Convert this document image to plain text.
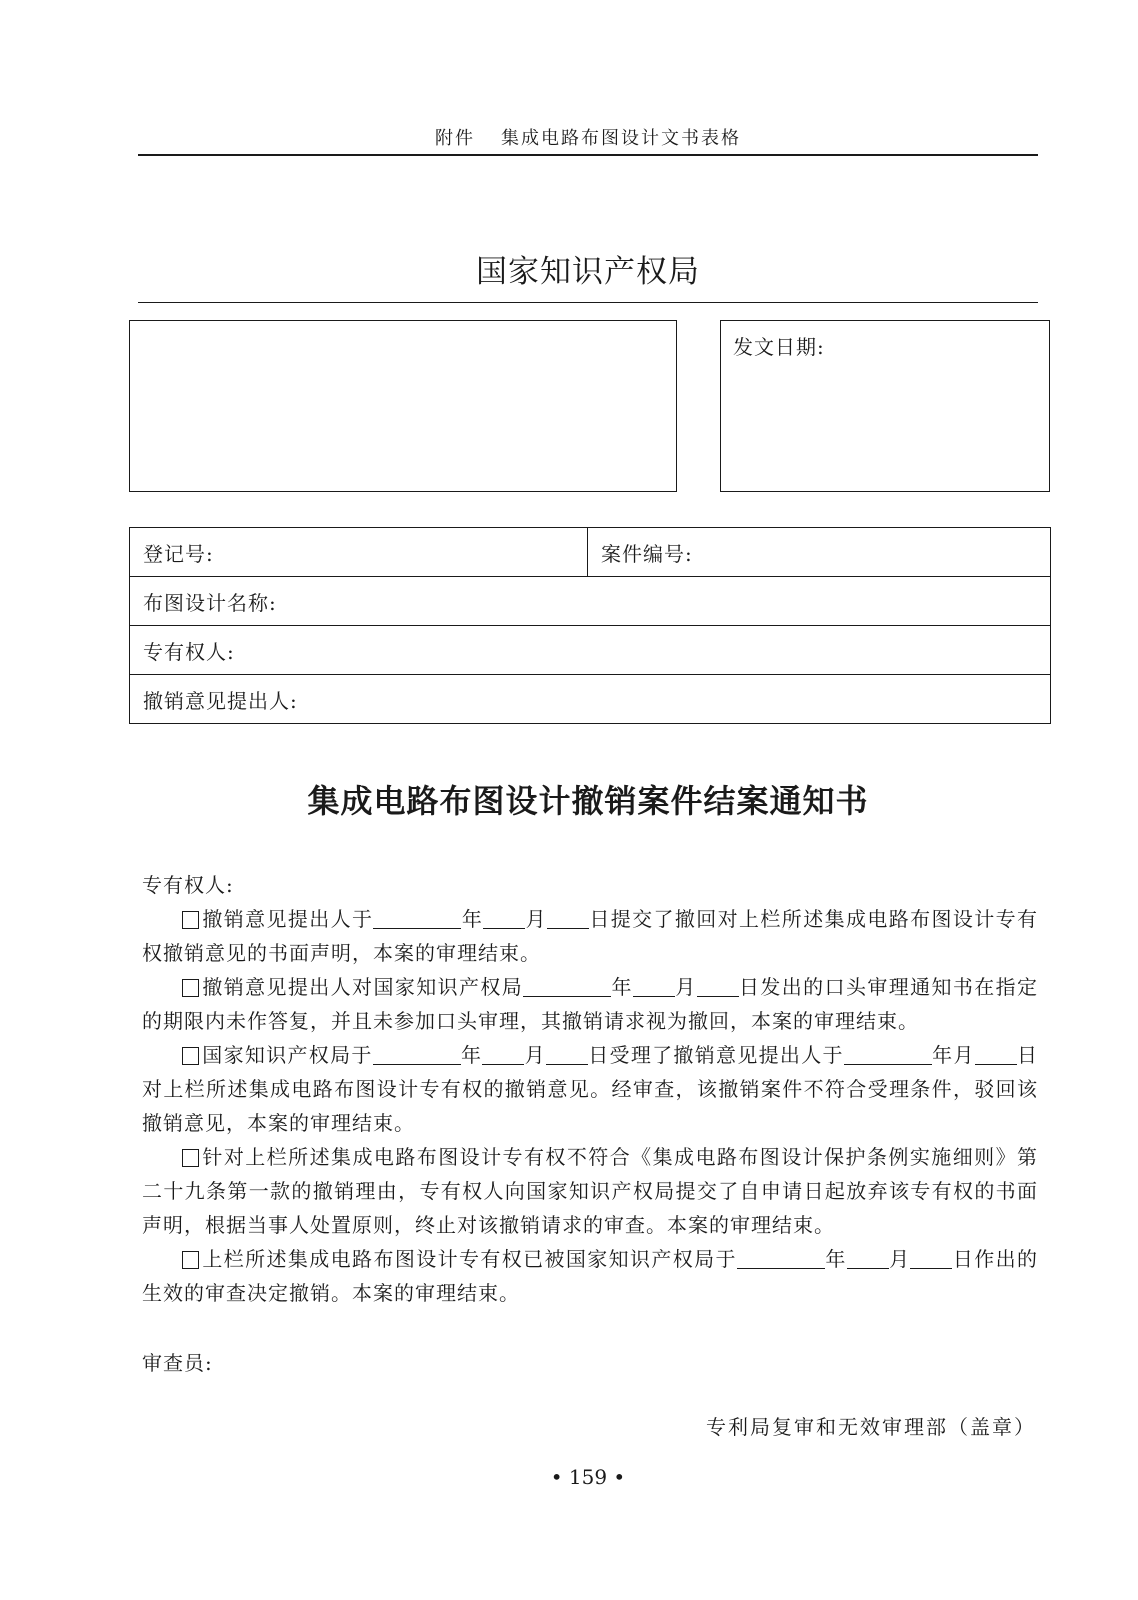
附件 集成电路布图设计文书表格
国家知识产权局
发文日期:
登记号:	案件编号:
布图设计名称:
专有权人:
撤销意见提出人:
集成电路布图设计撤销案件结案通知书

专有权人:

撤销意见提出人于	年 月 日提交了撤回对上栏所述集成电路布图设计专有权撤销意见的书面声明，本案的审理结束。

撤销意见提出人对国家知识产权局	年 月 日发出的口头审理通知书在指定的期限内未作答复，并且未参加口头审理，其撤销请求视为撤回，本案的审理结束。

国家知识产权局于	年 月 日受理了撤销意见提出人于	年月 日对上栏所述集成电路布图设计专有权的撤销意见。经审查，该撤销案件不符合受理条件，驳回该撤销意见，本案的审理结束。

针对上栏所述集成电路布图设计专有权不符合《集成电路布图设计保护条例实施细则》第二十九条第一款的撤销理由，专有权人向国家知识产权局提交了自申请日起放弃该专有权的书面声明，根据当事人处置原则，终止对该撤销请求的审查。本案的审理结束。

上栏所述集成电路布图设计专有权已被国家知识产权局于	年 月 日作出的生效的审查决定撤销。本案的审理结束。

审查员:
专利局复审和无效审理部（盖章）
• 159 •
